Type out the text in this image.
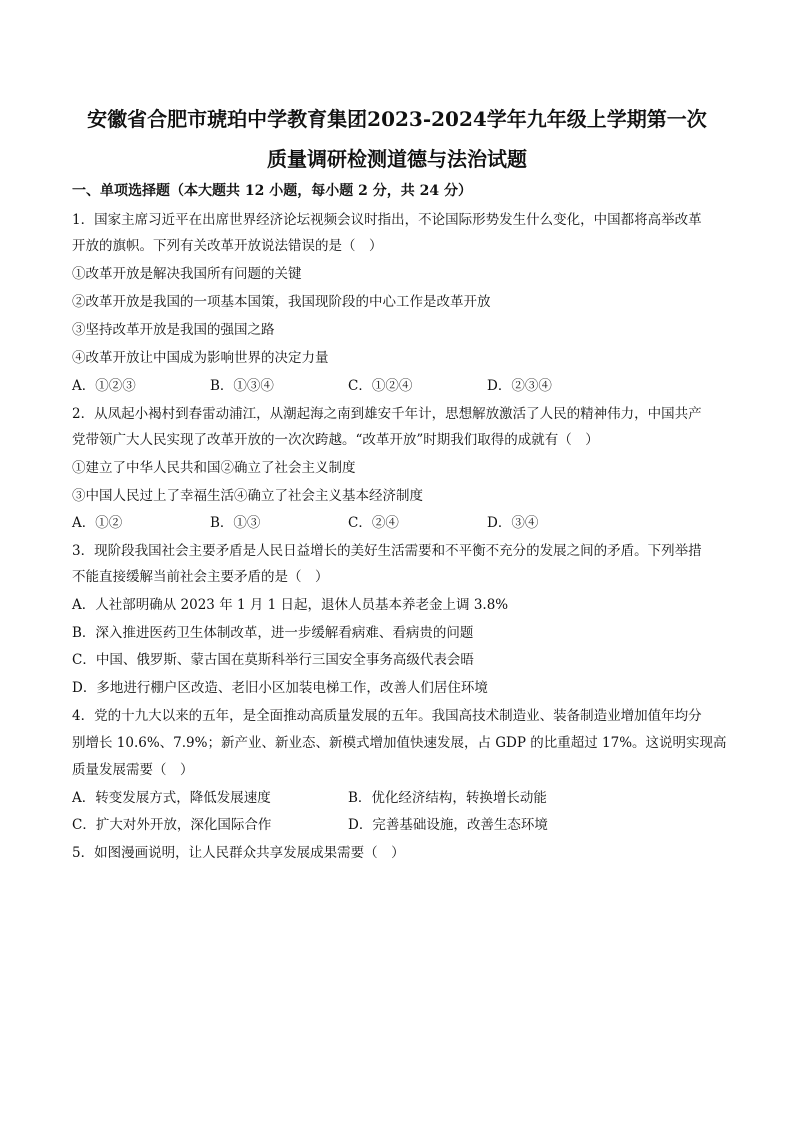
安徽省合肥市琥珀中学教育集团2023-2024学年九年级上学期第一次
质量调研检测道德与法治试题
一、单项选择题（本大题共 12 小题，每小题 2 分，共 24 分）
1．国家主席习近平在出席世界经济论坛视频会议时指出，不论国际形势发生什么变化，中国都将高举改革
开放的旗帜。下列有关改革开放说法错误的是（　）
①改革开放是解决我国所有问题的关键
②改革开放是我国的一项基本国策，我国现阶段的中心工作是改革开放
③坚持改革开放是我国的强国之路
④改革开放让中国成为影响世界的决定力量
A．①②③	B．①③④	C．①②④	D．②③④
2．从凤起小褐村到春雷动浦江，从潮起海之南到雄安千年计，思想解放激活了人民的精神伟力，中国共产
党带领广大人民实现了改革开放的一次次跨越。“改革开放”时期我们取得的成就有（　）
①建立了中华人民共和国②确立了社会主义制度
③中国人民过上了幸福生活④确立了社会主义基本经济制度
A．①②	B．①③	C．②④	D．③④
3．现阶段我国社会主要矛盾是人民日益增长的美好生活需要和不平衡不充分的发展之间的矛盾。下列举措
不能直接缓解当前社会主要矛盾的是（　）
A．人社部明确从 2023 年 1 月 1 日起，退休人员基本养老金上调 3.8%
B．深入推进医药卫生体制改革，进一步缓解看病难、看病贵的问题
C．中国、俄罗斯、蒙古国在莫斯科举行三国安全事务高级代表会晤
D．多地进行棚户区改造、老旧小区加装电梯工作，改善人们居住环境
4．党的十九大以来的五年，是全面推动高质量发展的五年。我国高技术制造业、装备制造业增加值年均分
别增长 10.6%、7.9%；新产业、新业态、新模式增加值快速发展，占 GDP 的比重超过 17%。这说明实现高
质量发展需要（　）
A．转变发展方式，降低发展速度	B．优化经济结构，转换增长动能
C．扩大对外开放，深化国际合作	D．完善基础设施，改善生态环境
5．如图漫画说明，让人民群众共享发展成果需要（　）
